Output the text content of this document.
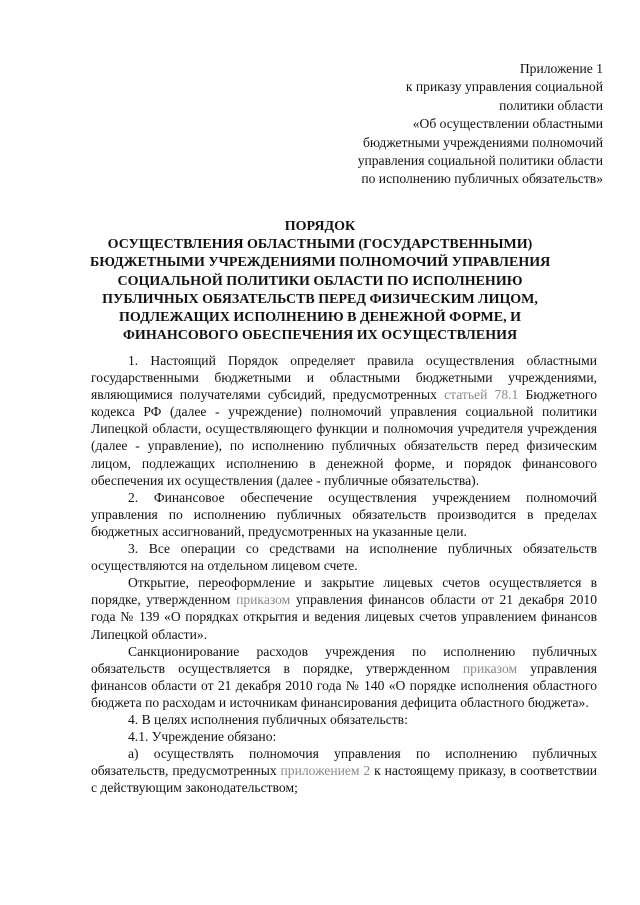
Приложение 1
к приказу управления социальной
политики области
«Об осуществлении областными
бюджетными учреждениями полномочий
управления социальной политики области
по исполнению публичных обязательств»
ПОРЯДОК
ОСУЩЕСТВЛЕНИЯ ОБЛАСТНЫМИ (ГОСУДАРСТВЕННЫМИ)
БЮДЖЕТНЫМИ УЧРЕЖДЕНИЯМИ ПОЛНОМОЧИЙ УПРАВЛЕНИЯ
СОЦИАЛЬНОЙ ПОЛИТИКИ ОБЛАСТИ ПО ИСПОЛНЕНИЮ
ПУБЛИЧНЫХ ОБЯЗАТЕЛЬСТВ ПЕРЕД ФИЗИЧЕСКИМ ЛИЦОМ,
ПОДЛЕЖАЩИХ ИСПОЛНЕНИЮ В ДЕНЕЖНОЙ ФОРМЕ, И
ФИНАНСОВОГО ОБЕСПЕЧЕНИЯ ИХ ОСУЩЕСТВЛЕНИЯ

1. Настоящий Порядок определяет правила осуществления областными государственными бюджетными и областными бюджетными учреждениями, являющимися получателями субсидий, предусмотренных статьей 78.1 Бюджетного кодекса РФ (далее - учреждение) полномочий управления социальной политики Липецкой области, осуществляющего функции и полномочия учредителя учреждения (далее - управление), по исполнению публичных обязательств перед физическим лицом, подлежащих исполнению в денежной форме, и порядок финансового обеспечения их осуществления (далее - публичные обязательства).

2. Финансовое обеспечение осуществления учреждением полномочий управления по исполнению публичных обязательств производится в пределах бюджетных ассигнований, предусмотренных на указанные цели.

3. Все операции со средствами на исполнение публичных обязательств осуществляются на отдельном лицевом счете.

Открытие, переоформление и закрытие лицевых счетов осуществляется в порядке, утвержденном приказом управления финансов области от 21 декабря 2010 года № 139 «О порядках открытия и ведения лицевых счетов управлением финансов Липецкой области».

Санкционирование расходов учреждения по исполнению публичных обязательств осуществляется в порядке, утвержденном приказом управления финансов области от 21 декабря 2010 года № 140 «О порядке исполнения областного бюджета по расходам и источникам финансирования дефицита областного бюджета».

4. В целях исполнения публичных обязательств:

4.1. Учреждение обязано:

а) осуществлять полномочия управления по исполнению публичных обязательств, предусмотренных приложением 2 к настоящему приказу, в соответствии с действующим законодательством;
